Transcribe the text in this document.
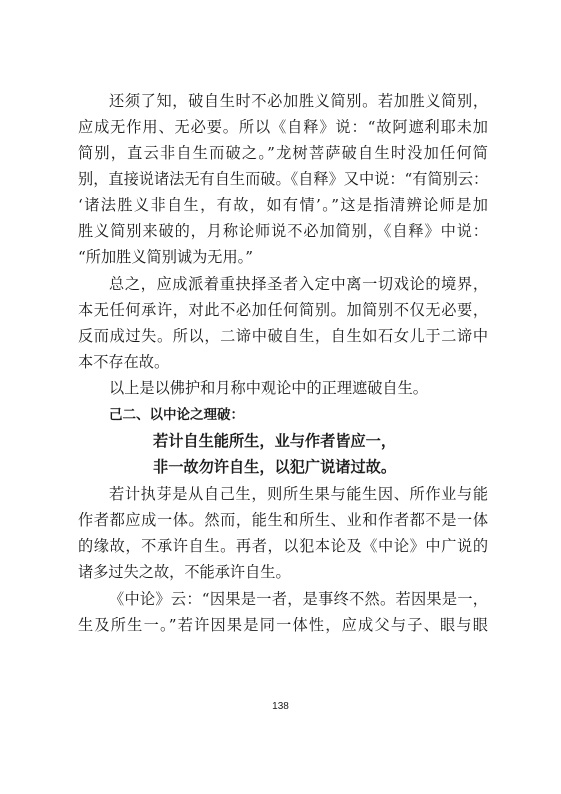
还须了知，破自生时不必加胜义简别。若加胜义简别，
应成无作用、无必要。所以《自释》说：“故阿遮利耶未加
简别，直云非自生而破之。”龙树菩萨破自生时没加任何简
别，直接说诸法无有自生而破。《自释》又中说：“有简别云：
‘诸法胜义非自生，有故，如有情’。”这是指清辨论师是加
胜义简别来破的，月称论师说不必加简别，《自释》中说：
“所加胜义简别诚为无用。”
总之，应成派着重抉择圣者入定中离一切戏论的境界，
本无任何承许，对此不必加任何简别。加简别不仅无必要，
反而成过失。所以，二谛中破自生，自生如石女儿于二谛中
本不存在故。
以上是以佛护和月称中观论中的正理遮破自生。
己二、以中论之理破：
若计自生能所生，业与作者皆应一，
非一故勿许自生，以犯广说诸过故。
若计执芽是从自己生，则所生果与能生因、所作业与能
作者都应成一体。然而，能生和所生、业和作者都不是一体
的缘故，不承许自生。再者，以犯本论及《中论》中广说的
诸多过失之故，不能承许自生。
《中论》云：“因果是一者，是事终不然。若因果是一，
生及所生一。”若许因果是同一体性，应成父与子、眼与眼
138
